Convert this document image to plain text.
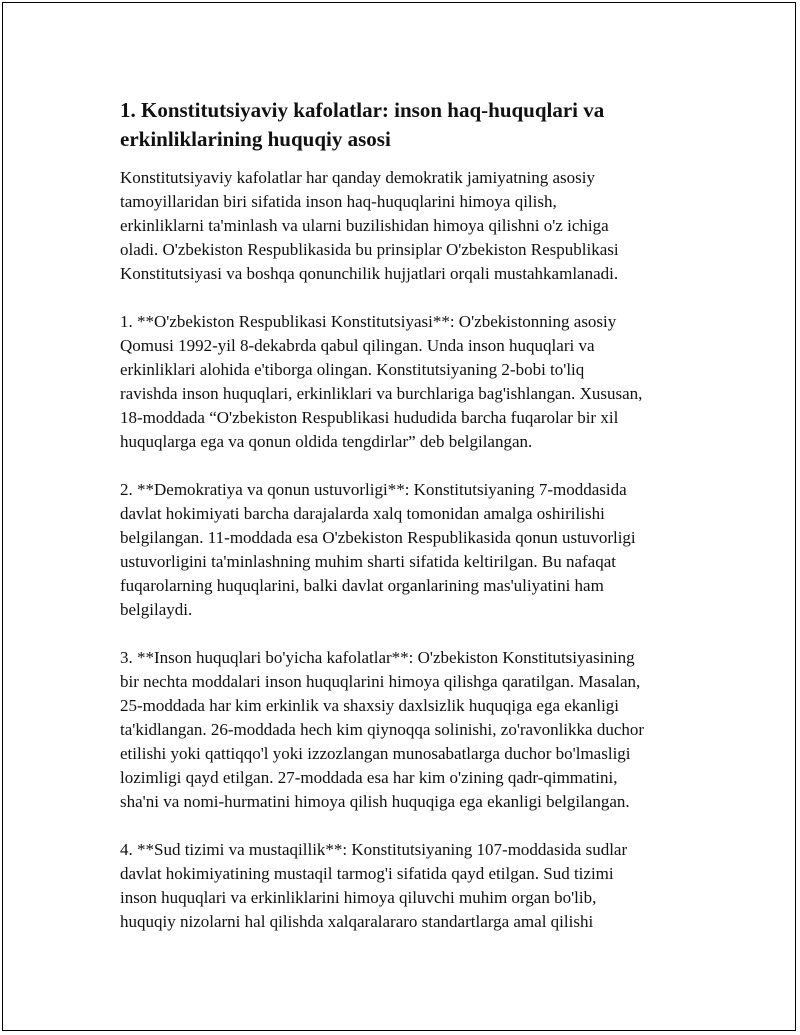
1. Konstitutsiyaviy kafolatlar: inson haq-huquqlari va erkinliklarining huquqiy asosi

Konstitutsiyaviy kafolatlar har qanday demokratik jamiyatning asosiy
tamoyillaridan biri sifatida inson haq-huquqlarini himoya qilish,
erkinliklarni ta'minlash va ularni buzilishidan himoya qilishni o'z ichiga
oladi. O'zbekiston Respublikasida bu prinsiplar O'zbekiston Respublikasi
Konstitutsiyasi va boshqa qonunchilik hujjatlari orqali mustahkamlanadi.

1. **O'zbekiston Respublikasi Konstitutsiyasi**: O'zbekistonning asosiy
Qomusi 1992-yil 8-dekabrda qabul qilingan. Unda inson huquqlari va
erkinliklari alohida e'tiborga olingan. Konstitutsiyaning 2-bobi to'liq
ravishda inson huquqlari, erkinliklari va burchlariga bag'ishlangan. Xususan,
18-moddada “O'zbekiston Respublikasi hududida barcha fuqarolar bir xil
huquqlarga ega va qonun oldida tengdirlar” deb belgilangan.

2. **Demokratiya va qonun ustuvorligi**: Konstitutsiyaning 7-moddasida
davlat hokimiyati barcha darajalarda xalq tomonidan amalga oshirilishi
belgilangan. 11-moddada esa O'zbekiston Respublikasida qonun ustuvorligi
ustuvorligini ta'minlashning muhim sharti sifatida keltirilgan. Bu nafaqat
fuqarolarning huquqlarini, balki davlat organlarining mas'uliyatini ham
belgilaydi.

3. **Inson huquqlari bo'yicha kafolatlar**: O'zbekiston Konstitutsiyasining
bir nechta moddalari inson huquqlarini himoya qilishga qaratilgan. Masalan,
25-moddada har kim erkinlik va shaxsiy daxlsizlik huquqiga ega ekanligi
ta'kidlangan. 26-moddada hech kim qiynoqqa solinishi, zo'ravonlikka duchor
etilishi yoki qattiqqo'l yoki izzozlangan munosabatlarga duchor bo'lmasligi
lozimligi qayd etilgan. 27-moddada esa har kim o'zining qadr-qimmatini,
sha'ni va nomi-hurmatini himoya qilish huquqiga ega ekanligi belgilangan.

4. **Sud tizimi va mustaqillik**: Konstitutsiyaning 107-moddasida sudlar
davlat hokimiyatining mustaqil tarmog'i sifatida qayd etilgan. Sud tizimi
inson huquqlari va erkinliklarini himoya qiluvchi muhim organ bo'lib,
huquqiy nizolarni hal qilishda xalqaralararo standartlarga amal qilishi
